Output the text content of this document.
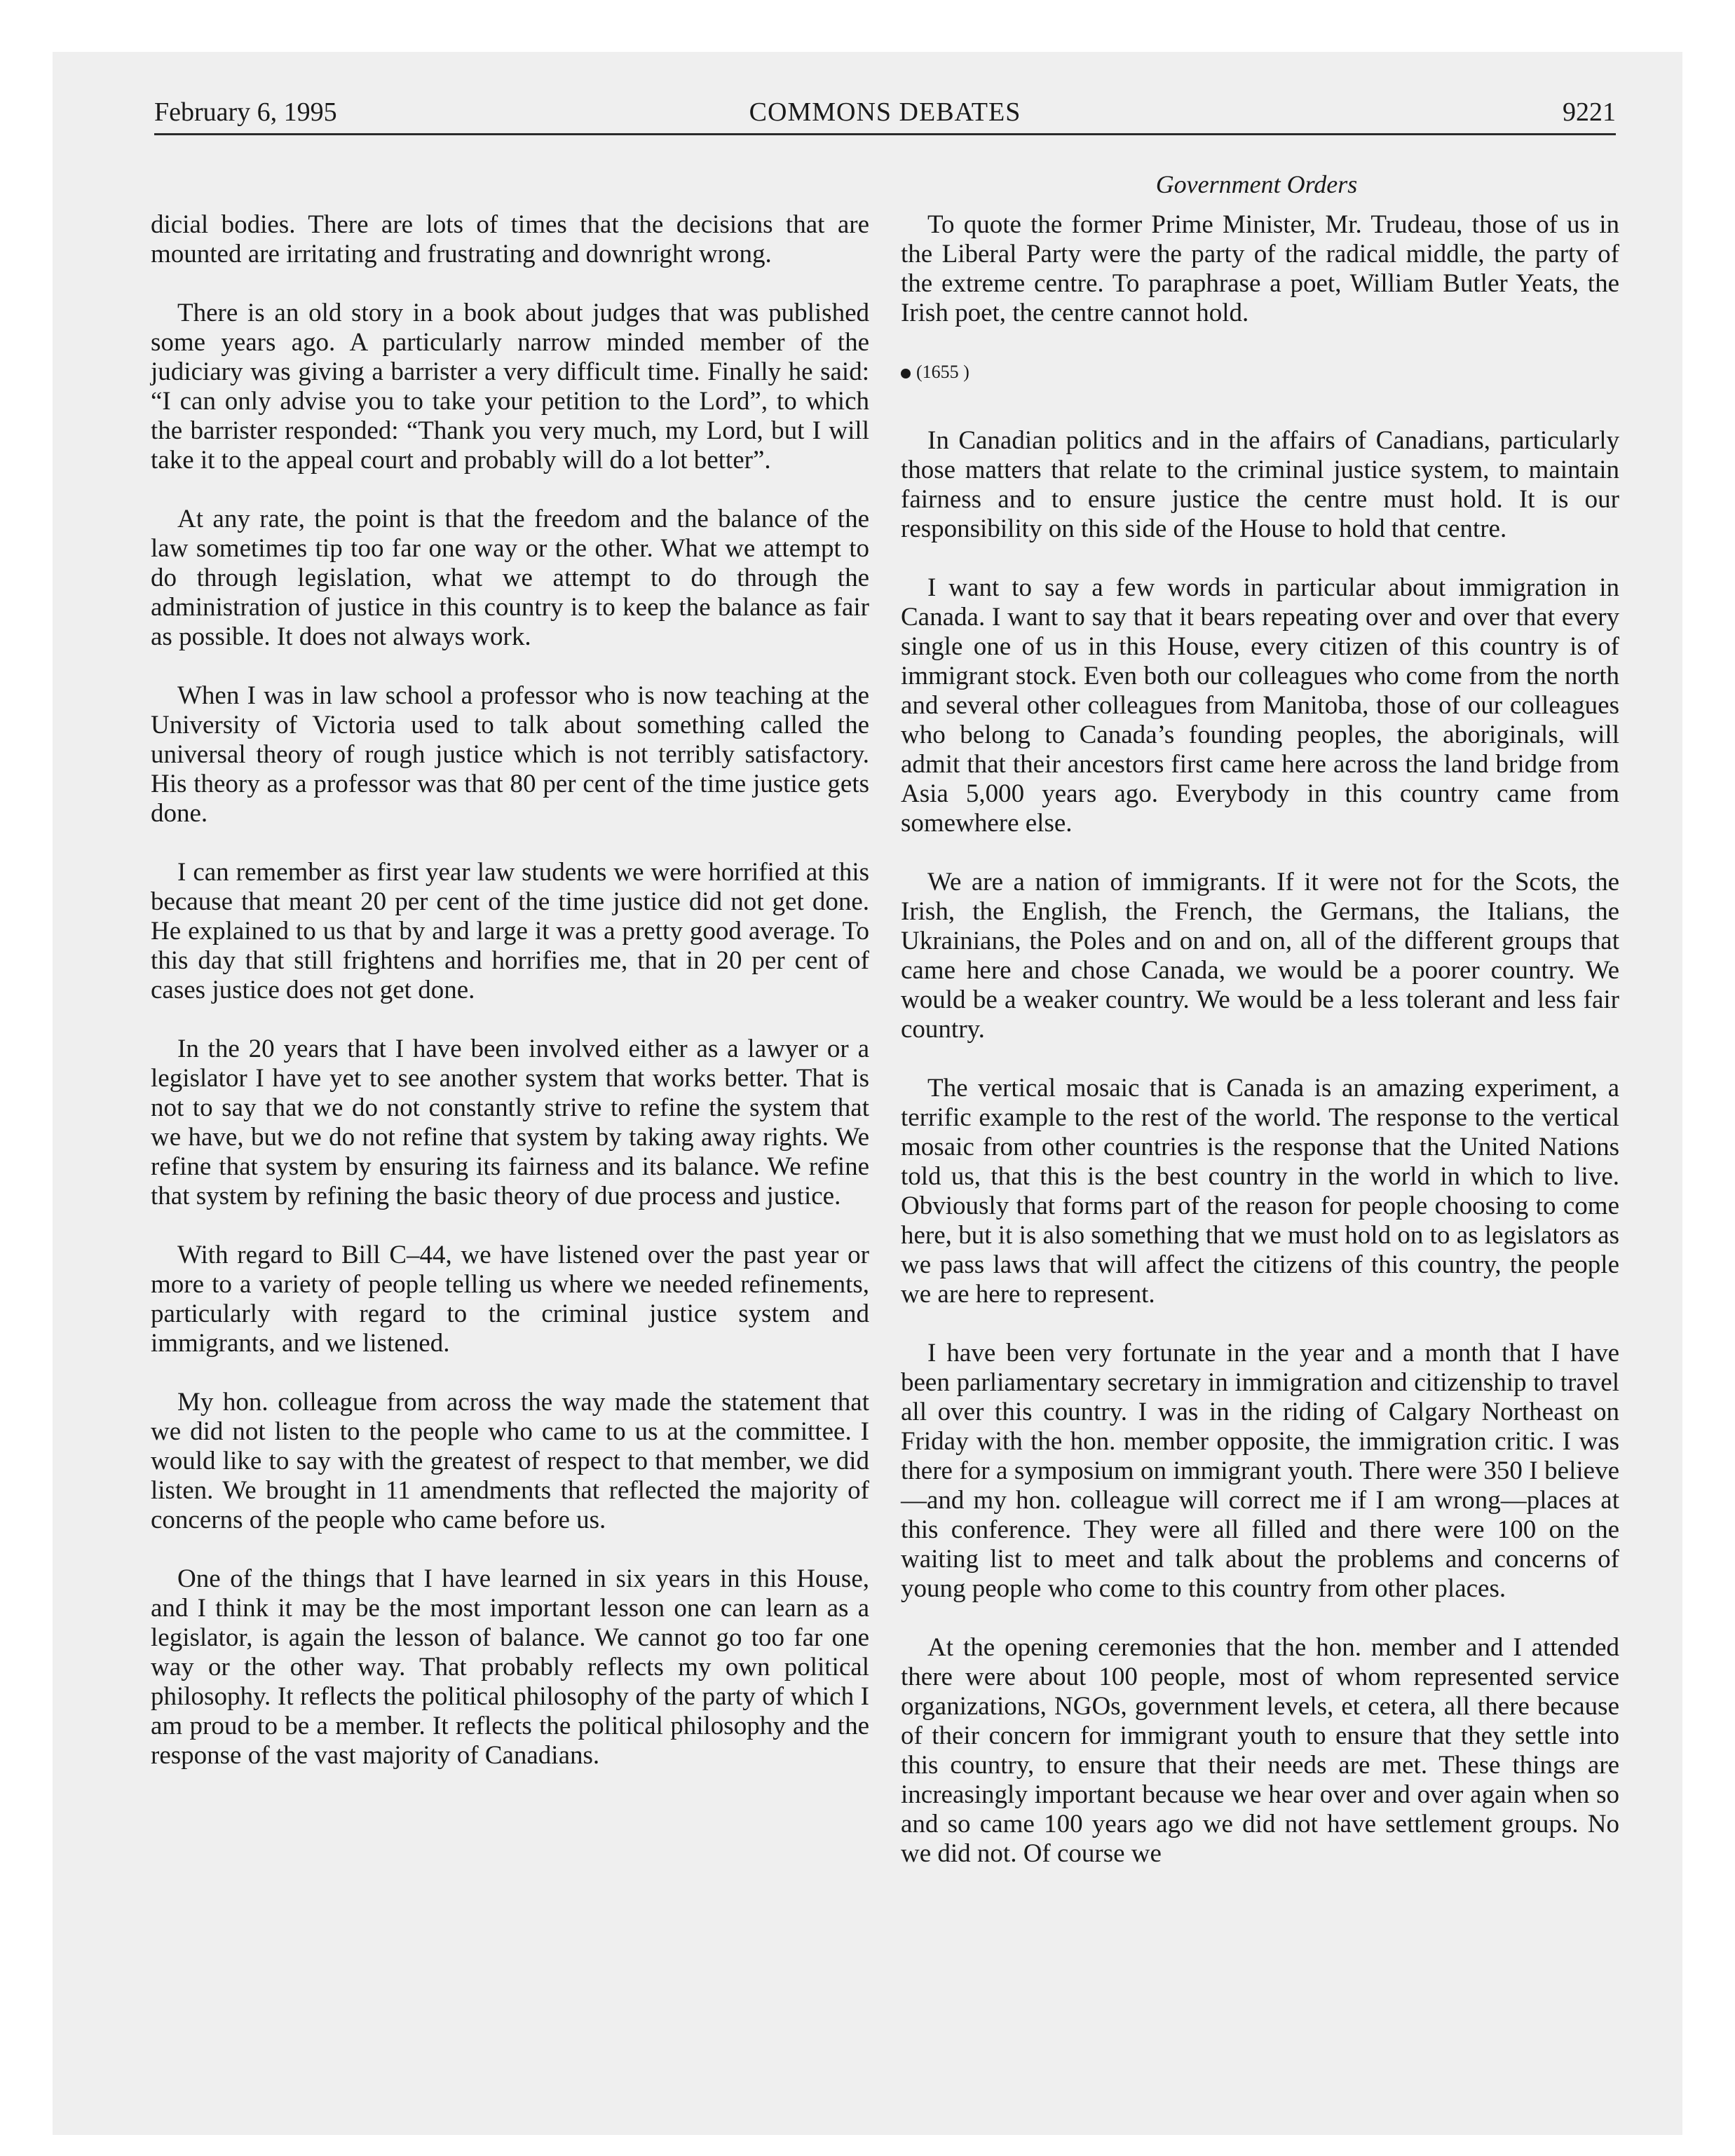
February 6, 1995	COMMONS DEBATES	9221
Government Orders

dicial bodies. There are lots of times that the decisions that are mounted are irritating and frustrating and downright wrong.

There is an old story in a book about judges that was published some years ago. A particularly narrow minded member of the judiciary was giving a barrister a very difficult time. Finally he said: “I can only advise you to take your petition to the Lord”, to which the barrister responded: “Thank you very much, my Lord, but I will take it to the appeal court and probably will do a lot better”.

At any rate, the point is that the freedom and the balance of the law sometimes tip too far one way or the other. What we attempt to do through legislation, what we attempt to do through the administration of justice in this country is to keep the balance as fair as possible. It does not always work.

When I was in law school a professor who is now teaching at the University of Victoria used to talk about something called the universal theory of rough justice which is not terribly satisfactory. His theory as a professor was that 80 per cent of the time justice gets done.

I can remember as first year law students we were horrified at this because that meant 20 per cent of the time justice did not get done. He explained to us that by and large it was a pretty good average. To this day that still frightens and horrifies me, that in 20 per cent of cases justice does not get done.

In the 20 years that I have been involved either as a lawyer or a legislator I have yet to see another system that works better. That is not to say that we do not constantly strive to refine the system that we have, but we do not refine that system by taking away rights. We refine that system by ensuring its fairness and its balance. We refine that system by refining the basic theory of due process and justice.

With regard to Bill C–44, we have listened over the past year or more to a variety of people telling us where we needed refinements, particularly with regard to the criminal justice system and immigrants, and we listened.

My hon. colleague from across the way made the statement that we did not listen to the people who came to us at the committee. I would like to say with the greatest of respect to that member, we did listen. We brought in 11 amendments that reflected the majority of concerns of the people who came before us.

One of the things that I have learned in six years in this House, and I think it may be the most important lesson one can learn as a legislator, is again the lesson of balance. We cannot go too far one way or the other way. That probably reflects my own political philosophy. It reflects the political philosophy of the party of which I am proud to be a member. It reflects the political philosophy and the response of the vast majority of Canadians.

To quote the former Prime Minister, Mr. Trudeau, those of us in the Liberal Party were the party of the radical middle, the party of the extreme centre. To paraphrase a poet, William Butler Yeats, the Irish poet, the centre cannot hold.

(1655 )

In Canadian politics and in the affairs of Canadians, particularly those matters that relate to the criminal justice system, to maintain fairness and to ensure justice the centre must hold. It is our responsibility on this side of the House to hold that centre.

I want to say a few words in particular about immigration in Canada. I want to say that it bears repeating over and over that every single one of us in this House, every citizen of this country is of immigrant stock. Even both our colleagues who come from the north and several other colleagues from Manitoba, those of our colleagues who belong to Canada’s founding peoples, the aboriginals, will admit that their ancestors first came here across the land bridge from Asia 5,000 years ago. Everybody in this country came from somewhere else.

We are a nation of immigrants. If it were not for the Scots, the Irish, the English, the French, the Germans, the Italians, the Ukrainians, the Poles and on and on, all of the different groups that came here and chose Canada, we would be a poorer country. We would be a weaker country. We would be a less tolerant and less fair country.

The vertical mosaic that is Canada is an amazing experiment, a terrific example to the rest of the world. The response to the vertical mosaic from other countries is the response that the United Nations told us, that this is the best country in the world in which to live. Obviously that forms part of the reason for people choosing to come here, but it is also something that we must hold on to as legislators as we pass laws that will affect the citizens of this country, the people we are here to represent.

I have been very fortunate in the year and a month that I have been parliamentary secretary in immigration and citizenship to travel all over this country. I was in the riding of Calgary Northeast on Friday with the hon. member opposite, the immigration critic. I was there for a symposium on immigrant youth. There were 350 I believe—and my hon. colleague will correct me if I am wrong—places at this conference. They were all filled and there were 100 on the waiting list to meet and talk about the problems and concerns of young people who come to this country from other places.

At the opening ceremonies that the hon. member and I attended there were about 100 people, most of whom represented service organizations, NGOs, government levels, et cetera, all there because of their concern for immigrant youth to ensure that they settle into this country, to ensure that their needs are met. These things are increasingly important because we hear over and over again when so and so came 100 years ago we did not have settlement groups. No we did not. Of course we
